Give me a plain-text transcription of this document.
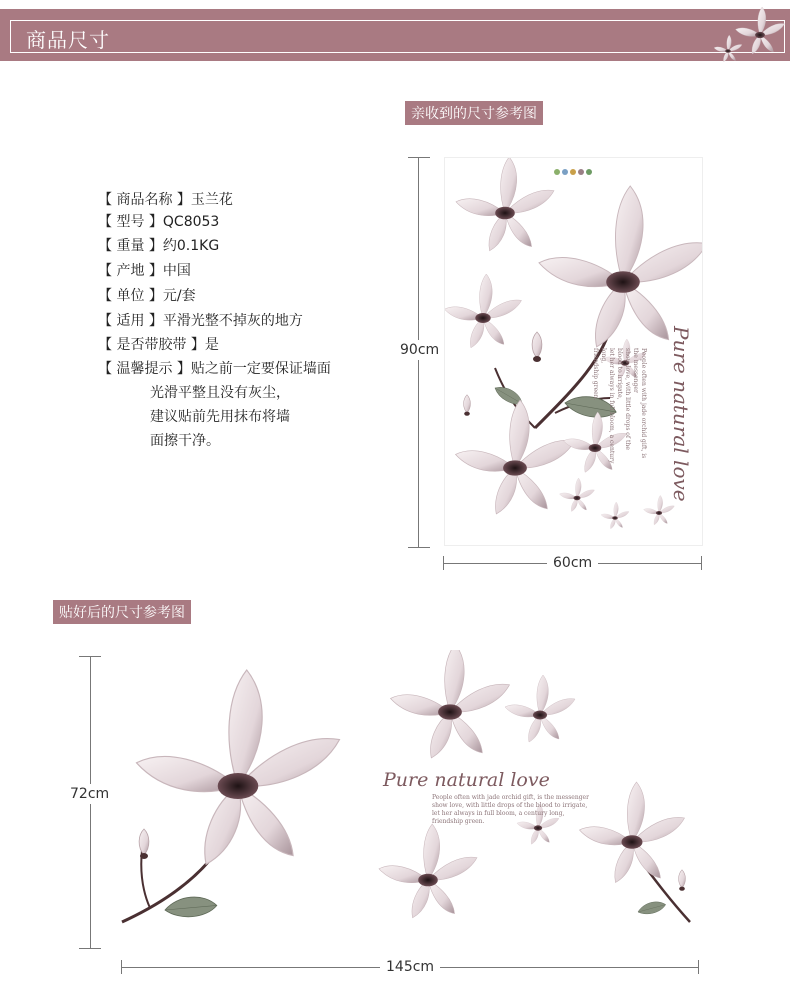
商品尺寸
亲收到的尺寸参考图
【 商品名称 】玉兰花
【 型号 】QC8053
【 重量 】约0.1KG
【 产地 】中国
【 单位 】元/套
【 适用 】平滑光整不掉灰的地方
【 是否带胶带 】是
【 温馨提示 】贴之前一定要保证墙面
光滑平整且没有灰尘，
建议贴前先用抹布将墙
面擦干净。
90cm
60cm
Pure natural love
People often with jade orchid gift, is the messenger
show love, with little drops of the blood to irrigate,
let her always in full bloom, a century long,
friendship green.
贴好后的尺寸参考图
72cm
145cm
Pure natural love
People often with jade orchid gift, is the messenger
show love, with little drops of the blood to irrigate,
let her always in full bloom, a century long,
friendship green.
